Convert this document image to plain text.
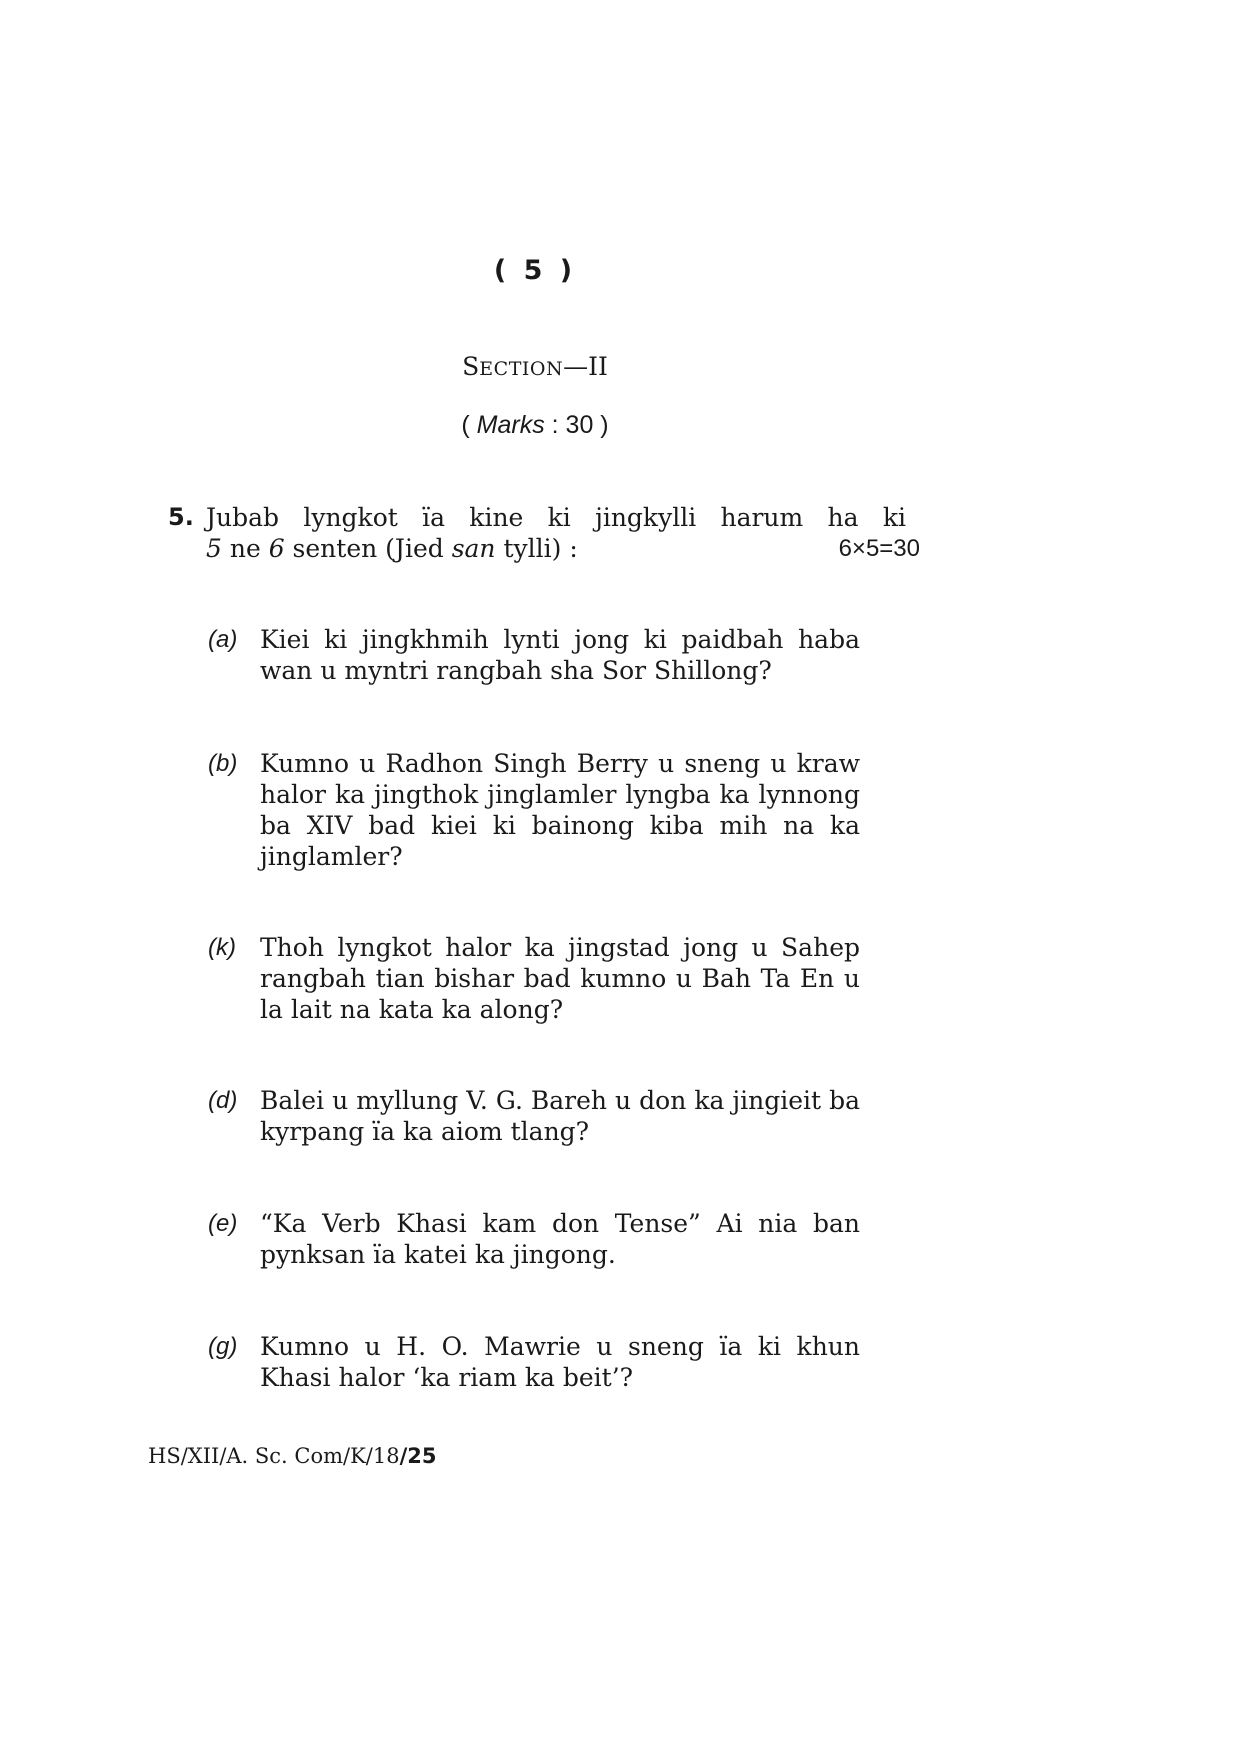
( 5 )
SECTION—II
( Marks : 30 )
5. Jubab lyngkot ïa kine ki jingkylli harum ha ki
5 ne 6 senten (Jied san tylli) :	6×5=30
(a) Kiei ki jingkhmih lynti jong ki paidbah haba wan u myntri rangbah sha Sor Shillong?
(b) Kumno u Radhon Singh Berry u sneng u kraw halor ka jingthok jinglamler lyngba ka lynnong ba XIV bad kiei ki bainong kiba mih na ka jinglamler?
(k) Thoh lyngkot halor ka jingstad jong u Sahep rangbah tian bishar bad kumno u Bah Ta En u la lait na kata ka along?
(d) Balei u myllung V. G. Bareh u don ka jingieit ba kyrpang ïa ka aiom tlang?
(e) “Ka Verb Khasi kam don Tense” Ai nia ban pynksan ïa katei ka jingong.
(g) Kumno u H. O. Mawrie u sneng ïa ki khun Khasi halor ‘ka riam ka beit’?
HS/XII/A. Sc. Com/K/18/25
